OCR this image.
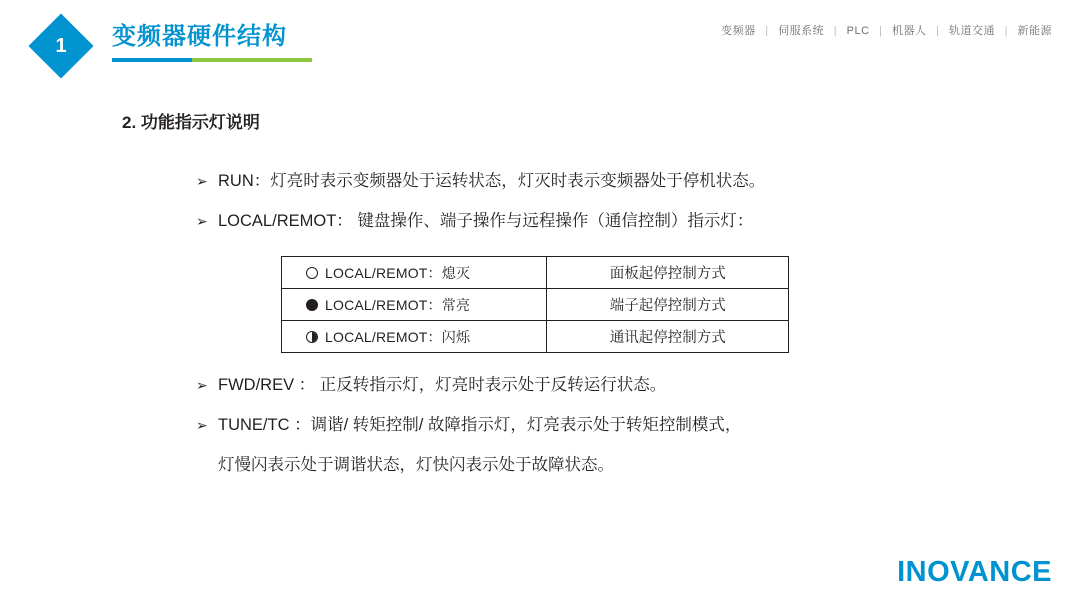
1	变频器硬件结构	变频器 | 伺服系统 | PLC | 机器人 | 轨道交通 | 新能源
2. 功能指示灯说明
➢ RUN：灯亮时表示变频器处于运转状态，灯灭时表示变频器处于停机状态。
➢ LOCAL/REMOT： 键盘操作、端子操作与远程操作（通信控制）指示灯：
LOCAL/REMOT：熄灭	面板起停控制方式

LOCAL/REMOT：常亮	端子起停控制方式

LOCAL/REMOT：闪烁	通讯起停控制方式
➢ FWD/REV ： 正反转指示灯，灯亮时表示处于反转运行状态。
➢ TUNE/TC ：调谐/ 转矩控制/ 故障指示灯，灯亮表示处于转矩控制模式，
灯慢闪表示处于调谐状态，灯快闪表示处于故障状态。
INOVANCE
